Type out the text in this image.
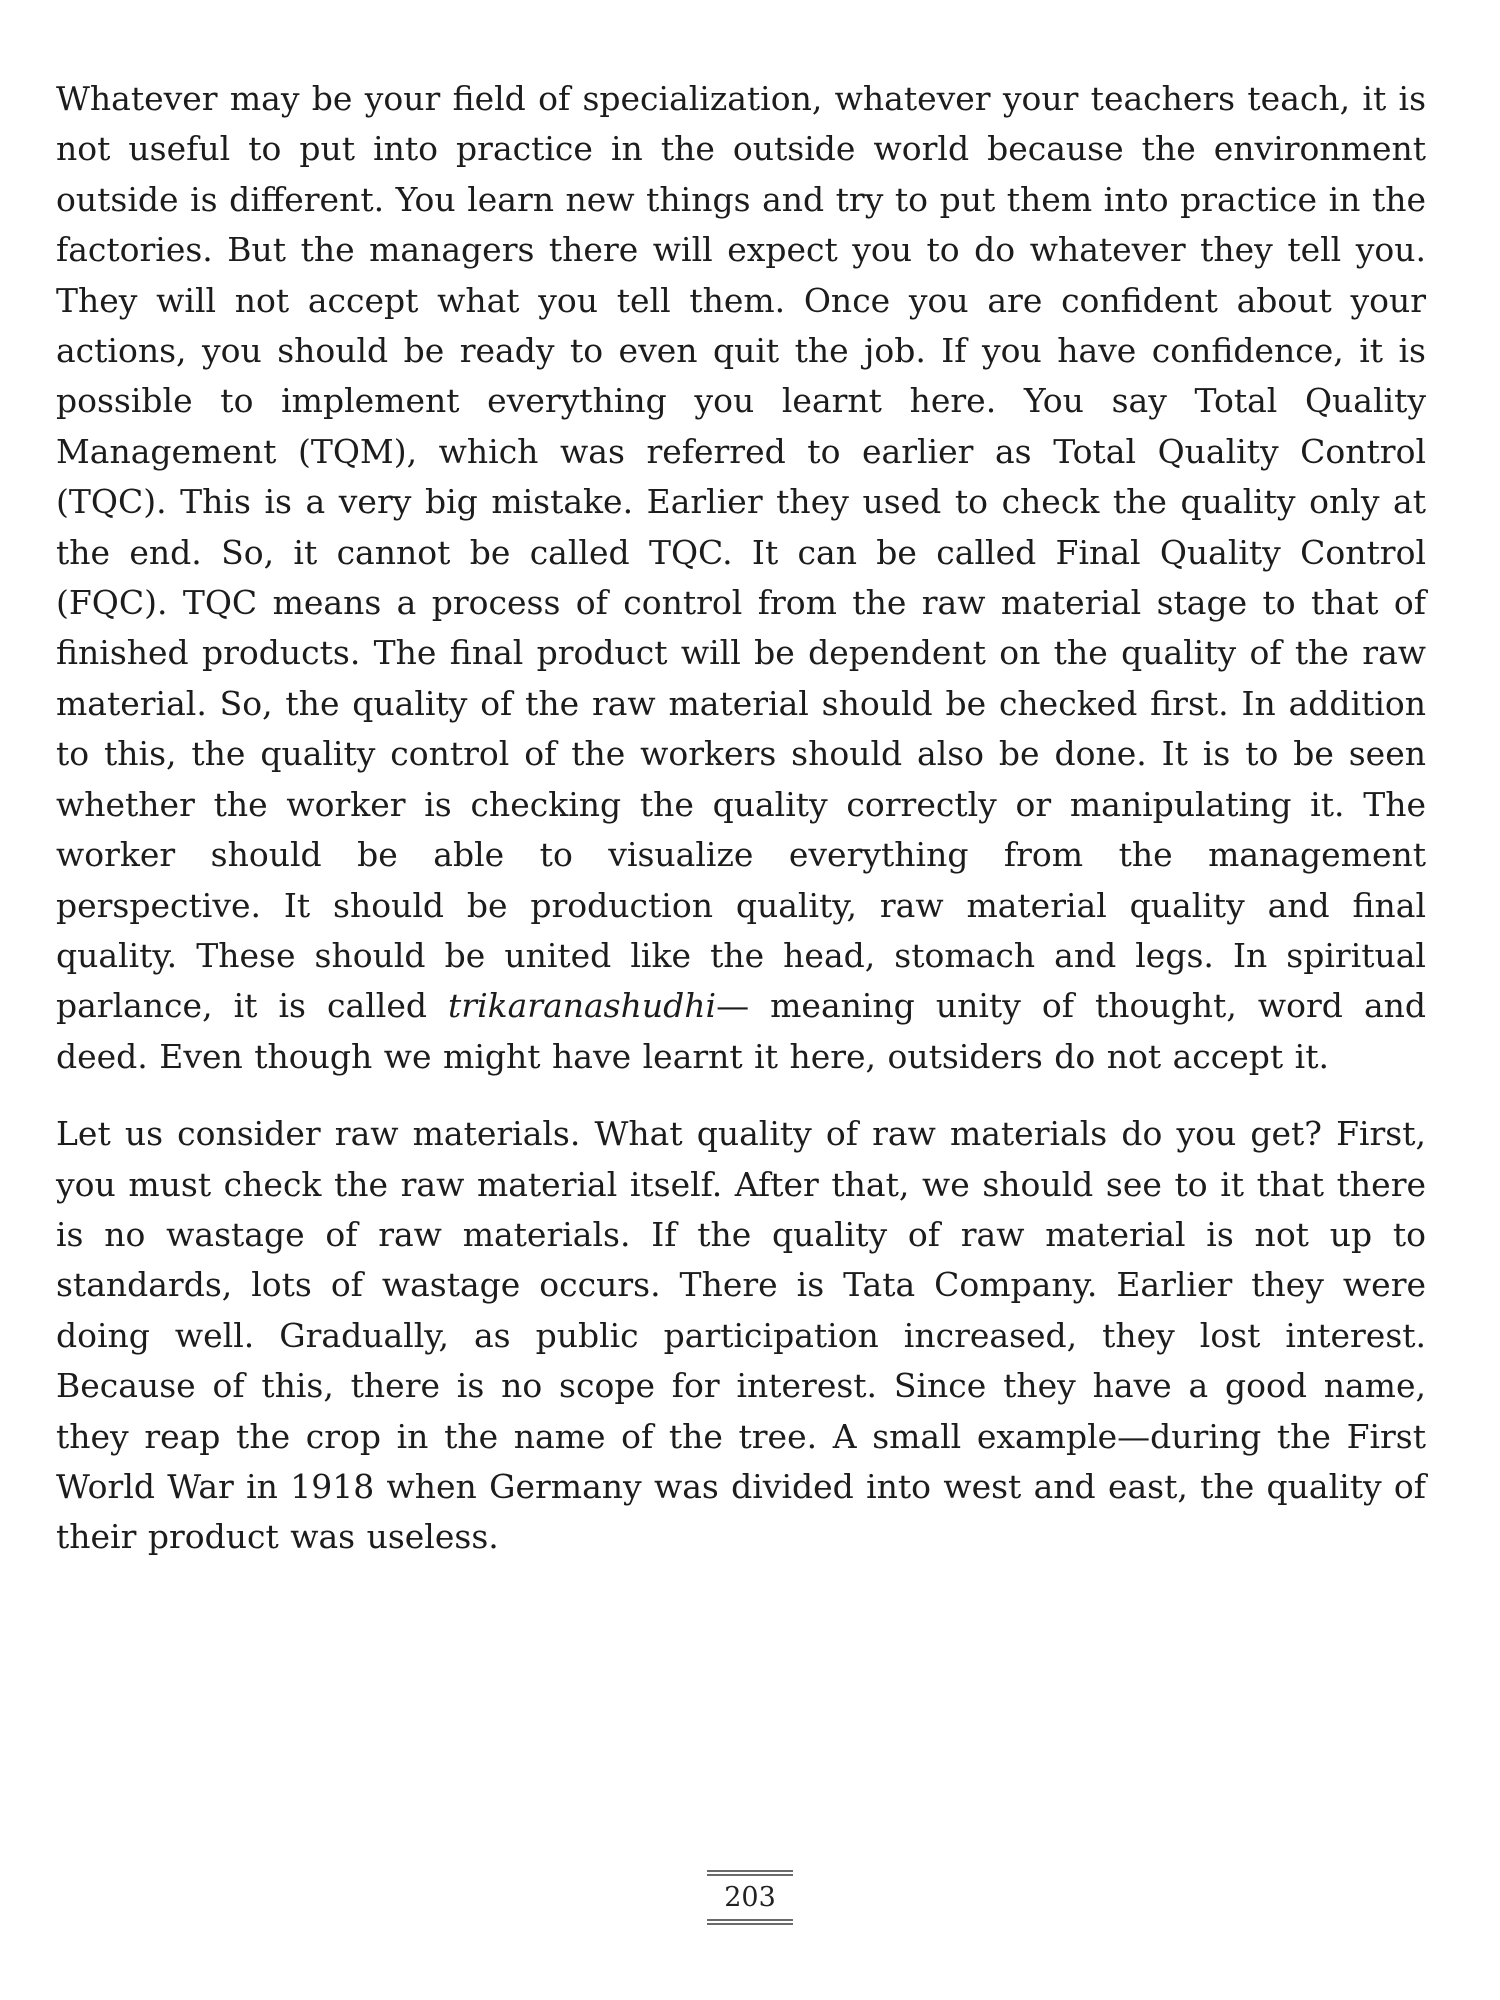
Whatever may be your field of specialization, whatever your teachers teach, it is not useful to put into practice in the outside world because the environment outside is different. You learn new things and try to put them into practice in the factories. But the managers there will expect you to do whatever they tell you. They will not accept what you tell them. Once you are confident about your actions, you should be ready to even quit the job. If you have confidence, it is possible to implement everything you learnt here. You say Total Quality Management (TQM), which was referred to earlier as Total Quality Control (TQC). This is a very big mistake. Earlier they used to check the quality only at the end. So, it cannot be called TQC. It can be called Final Quality Control (FQC). TQC means a process of control from the raw material stage to that of finished products. The final product will be dependent on the quality of the raw material. So, the quality of the raw material should be checked first. In addition to this, the quality control of the workers should also be done. It is to be seen whether the worker is checking the quality correctly or manipulating it. The worker should be able to visualize everything from the management perspective. It should be production quality, raw material quality and final quality. These should be united like the head, stomach and legs. In spiritual parlance, it is called trikaranashudhi— meaning unity of thought, word and deed. Even though we might have learnt it here, outsiders do not accept it.

Let us consider raw materials. What quality of raw materials do you get? First, you must check the raw material itself. After that, we should see to it that there is no wastage of raw materials. If the quality of raw material is not up to standards, lots of wastage occurs. There is Tata Company. Earlier they were doing well. Gradually, as public participation increased, they lost interest. Because of this, there is no scope for interest. Since they have a good name, they reap the crop in the name of the tree. A small example—during the First World War in 1918 when Germany was divided into west and east, the quality of their product was useless.

203
